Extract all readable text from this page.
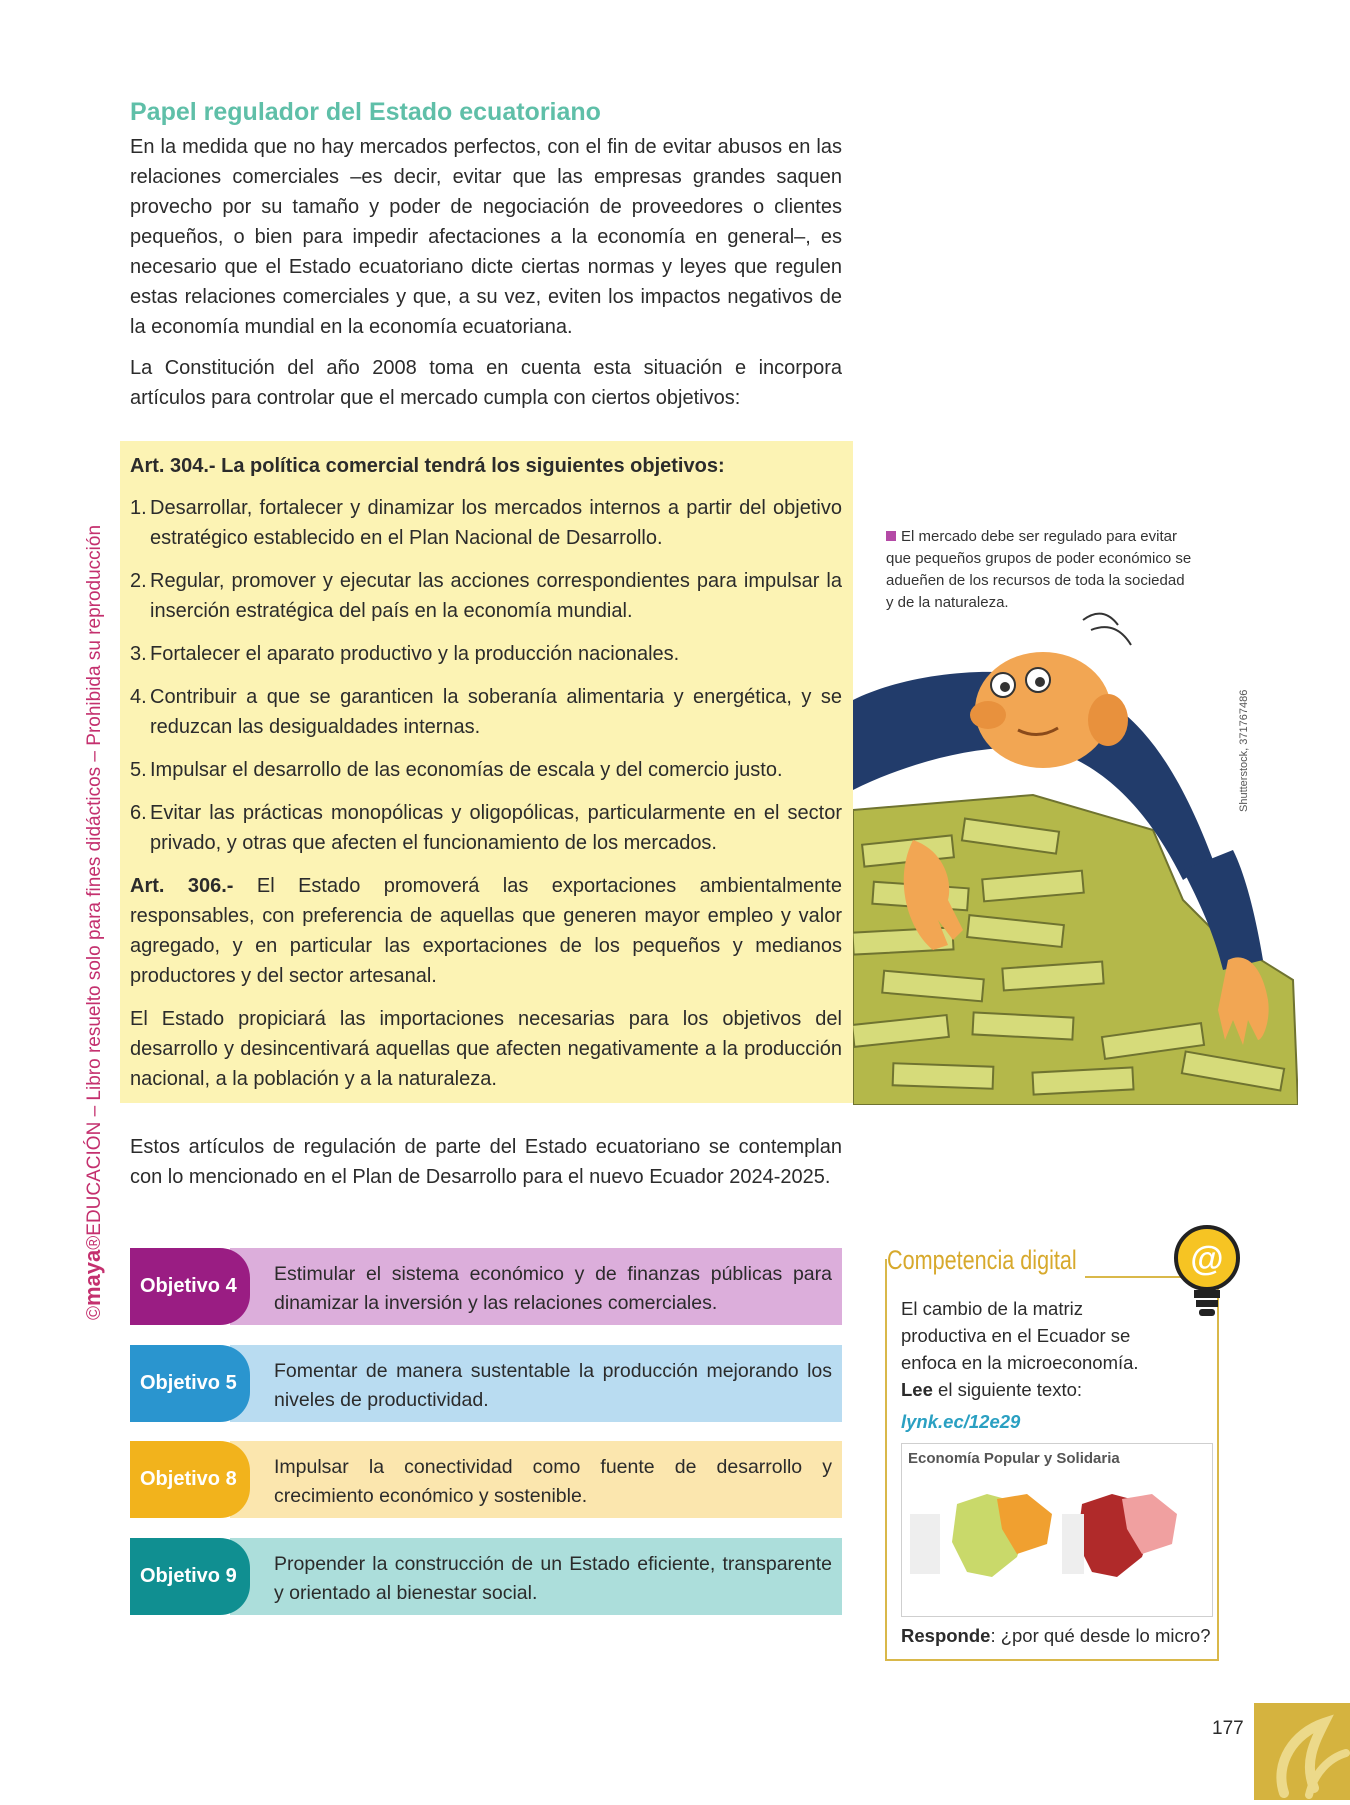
Papel regulador del Estado ecuatoriano
En la medida que no hay mercados perfectos, con el fin de evitar abusos en las relaciones comerciales –es decir, evitar que las empresas grandes saquen provecho por su tamaño y poder de negociación de proveedores o clientes pequeños, o bien para impedir afectaciones a la economía en general–, es necesario que el Estado ecuatoriano dicte ciertas normas y leyes que regulen estas relaciones comerciales y que, a su vez, eviten los impactos negativos de la economía mundial en la economía ecuatoriana.
La Constitución del año 2008 toma en cuenta esta situación e incorpora artículos para controlar que el mercado cumpla con ciertos objetivos:
Art. 304.- La política comercial tendrá los siguientes objetivos:
1. Desarrollar, fortalecer y dinamizar los mercados internos a partir del objetivo estratégico establecido en el Plan Nacional de Desarrollo.
2. Regular, promover y ejecutar las acciones correspondientes para impulsar la inserción estratégica del país en la economía mundial.
3. Fortalecer el aparato productivo y la producción nacionales.
4. Contribuir a que se garanticen la soberanía alimentaria y energética, y se reduzcan las desigualdades internas.
5. Impulsar el desarrollo de las economías de escala y del comercio justo.
6. Evitar las prácticas monopólicas y oligopólicas, particularmente en el sector privado, y otras que afecten el funcionamiento de los mercados.
Art. 306.- El Estado promoverá las exportaciones ambientalmente responsables, con preferencia de aquellas que generen mayor empleo y valor agregado, y en particular las exportaciones de los pequeños y medianos productores y del sector artesanal.
El Estado propiciará las importaciones necesarias para los objetivos del desarrollo y desincentivará aquellas que afecten negativamente a la producción nacional, a la población y a la naturaleza.
©maya®EDUCACIÓN – Libro resuelto solo para fines didácticos – Prohibida su reproducción	El mercado debe ser regulado para evitar que pequeños grupos de poder económico se adueñen de los recursos de toda la sociedad y de la naturaleza.
Shutterstock, 371767486
Estos artículos de regulación de parte del Estado ecuatoriano se contemplan con lo mencionado en el Plan de Desarrollo para el nuevo Ecuador 2024-2025.
Objetivo 4
Estimular el sistema económico y de finanzas públicas para dinamizar la inversión y las relaciones comerciales.
Objetivo 5
Fomentar de manera sustentable la producción mejorando los niveles de productividad.
Objetivo 8
Impulsar la conectividad como fuente de desarrollo y crecimiento económico y sostenible.
Objetivo 9
Propender la construcción de un Estado eficiente, transparente y orientado al bienestar social.
Competencia digital
El cambio de la matriz productiva en el Ecuador se enfoca en la microeconomía.
Lee el siguiente texto:
lynk.ec/12e29
Economía Popular y Solidaria
Responde: ¿por qué desde lo micro?
@
177
